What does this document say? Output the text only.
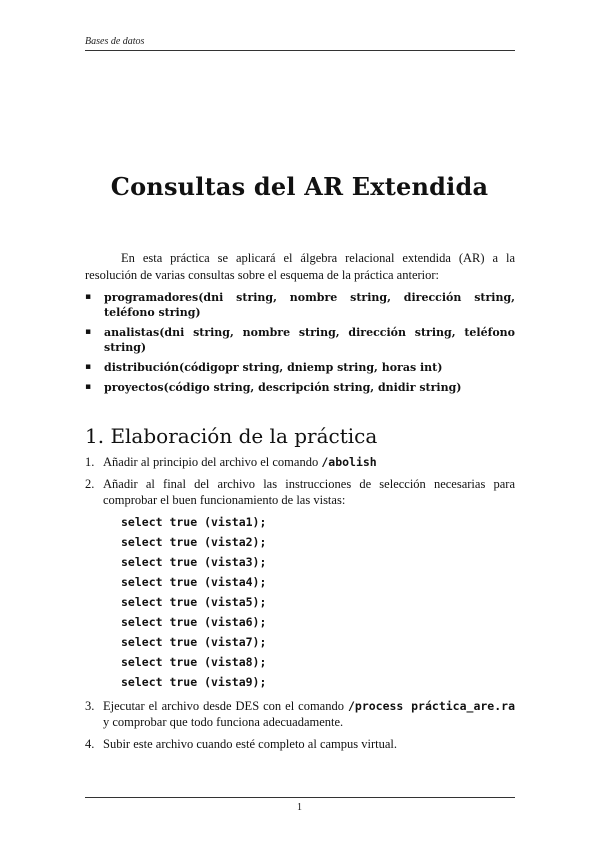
Bases de datos
Consultas del AR Extendida

En esta práctica se aplicará el álgebra relacional extendida (AR) a la resolución de varias consultas sobre el esquema de la práctica anterior:

▪ programadores(dni string, nombre string, dirección string, teléfono string)
▪ analistas(dni string, nombre string, dirección string, teléfono string)
▪ distribución(códigopr string, dniemp string, horas int)
▪ proyectos(código string, descripción string, dnidir string)
1. Elaboración de la práctica
1. Añadir al principio del archivo el comando /abolish
2. Añadir al final del archivo las instrucciones de selección necesarias para comprobar el buen funcionamiento de las vistas:
select true (vista1);
select true (vista2);
select true (vista3);
select true (vista4);
select true (vista5);
select true (vista6);
select true (vista7);
select true (vista8);
select true (vista9);
3. Ejecutar el archivo desde DES con el comando /process práctica_are.ra y comprobar que todo funciona adecuadamente.
4. Subir este archivo cuando esté completo al campus virtual.
1
